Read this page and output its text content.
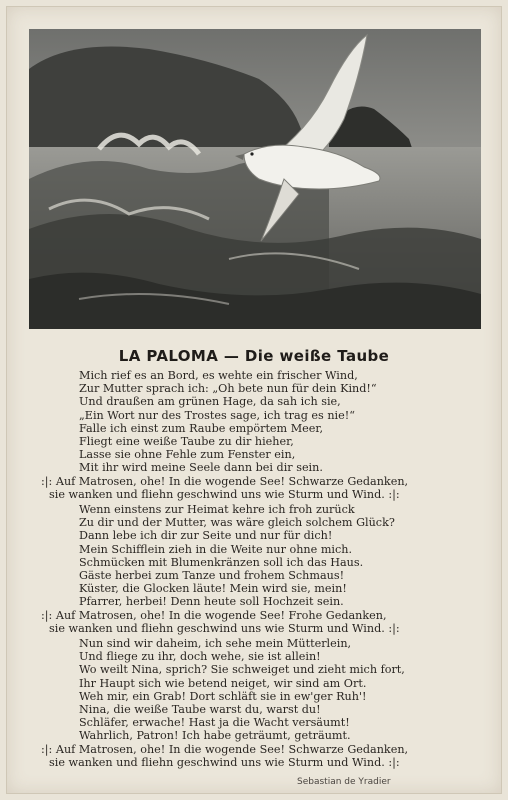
LA PALOMA — Die weiße Taube
Mich rief es an Bord, es wehte ein frischer Wind,
Zur Mutter sprach ich: „Oh bete nun für dein Kind!“
Und draußen am grünen Hage, da sah ich sie,
„Ein Wort nur des Trostes sage, ich trag es nie!“
Falle ich einst zum Raube empörtem Meer,
Fliegt eine weiße Taube zu dir hieher,
Lasse sie ohne Fehle zum Fenster ein,
Mit ihr wird meine Seele dann bei dir sein.
:|: Auf Matrosen, ohe! In die wogende See! Schwarze Gedanken,
sie wanken und fliehn geschwind uns wie Sturm und Wind. :|:
Wenn einstens zur Heimat kehre ich froh zurück
Zu dir und der Mutter, was wäre gleich solchem Glück?
Dann lebe ich dir zur Seite und nur für dich!
Mein Schifflein zieh in die Weite nur ohne mich.
Schmücken mit Blumenkränzen soll ich das Haus.
Gäste herbei zum Tanze und frohem Schmaus!
Küster, die Glocken läute! Mein wird sie, mein!
Pfarrer, herbei! Denn heute soll Hochzeit sein.
:|: Auf Matrosen, ohe! In die wogende See! Frohe Gedanken,
sie wanken und fliehn geschwind uns wie Sturm und Wind. :|:
Nun sind wir daheim, ich sehe mein Mütterlein,
Und fliege zu ihr, doch wehe, sie ist allein!
Wo weilt Nina, sprich? Sie schweiget und zieht mich fort,
Ihr Haupt sich wie betend neiget, wir sind am Ort.
Weh mir, ein Grab! Dort schläft sie in ew'ger Ruh'!
Nina, die weiße Taube warst du, warst du!
Schläfer, erwache! Hast ja die Wacht versäumt!
Wahrlich, Patron! Ich habe geträumt, geträumt.
:|: Auf Matrosen, ohe! In die wogende See! Schwarze Gedanken,
sie wanken und fliehn geschwind uns wie Sturm und Wind. :|:
Sebastian de Yradier
